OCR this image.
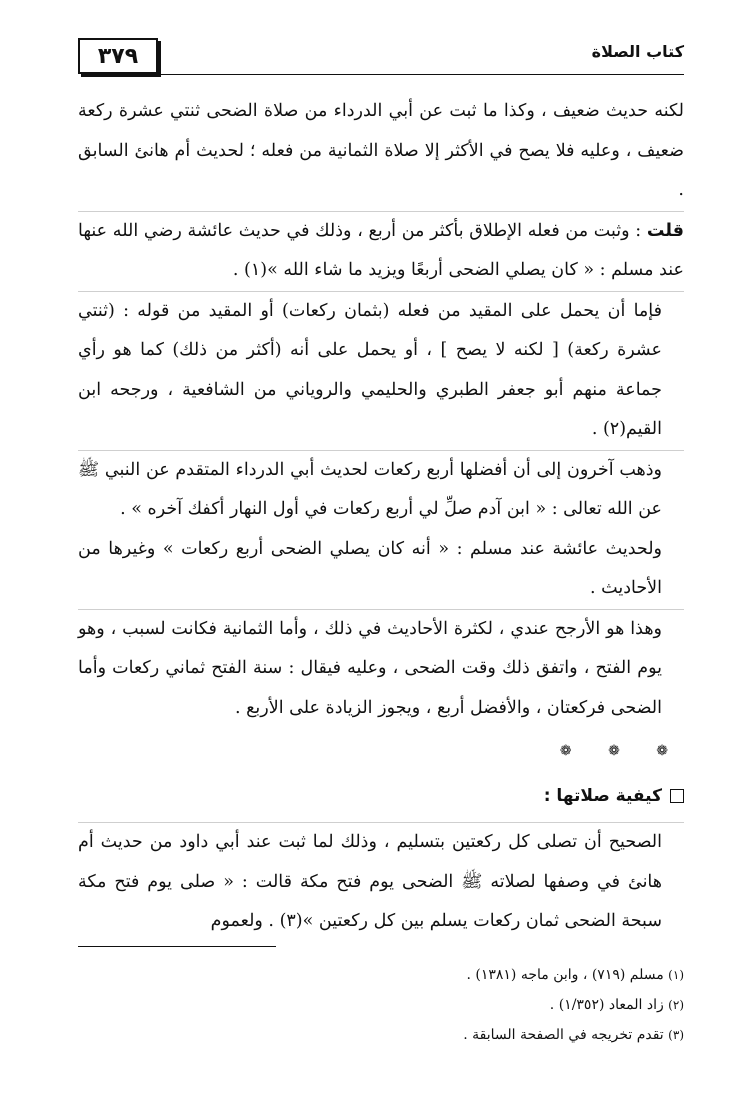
٣٧٩	كتاب الصلاة

لكنه حديث ضعيف ، وكذا ما ثبت عن أبي الدرداء من صلاة الضحى ثنتي عشرة ركعة ضعيف ، وعليه فلا يصح في الأكثر إلا صلاة الثمانية من فعله ؛ لحديث أم هانئ السابق .

قلت : وثبت من فعله الإطلاق بأكثر من أربع ، وذلك في حديث عائشة رضي الله عنها عند مسلم : « كان يصلي الضحى أربعًا ويزيد ما شاء الله »(١) .

فإما أن يحمل على المقيد من فعله (بثمان ركعات) أو المقيد من قوله : (ثنتي عشرة ركعة) [ لكنه لا يصح ] ، أو يحمل على أنه (أكثر من ذلك) كما هو رأي جماعة منهم أبو جعفر الطبري والحليمي والروياني من الشافعية ، ورجحه ابن القيم(٢) .

وذهب آخرون إلى أن أفضلها أربع ركعات لحديث أبي الدرداء المتقدم عن النبي ﷺ عن الله تعالى : « ابن آدم صلِّ لي أربع ركعات في أول النهار أكفك آخره » .

ولحديث عائشة عند مسلم : « أنه كان يصلي الضحى أربع ركعات » وغيرها من الأحاديث .

وهذا هو الأرجح عندي ، لكثرة الأحاديث في ذلك ، وأما الثمانية فكانت لسبب ، وهو يوم الفتح ، واتفق ذلك وقت الضحى ، وعليه فيقال : سنة الفتح ثماني ركعات وأما الضحى فركعتان ، والأفضل أربع ، ويجوز الزيادة على الأربع .

❁ ❁ ❁
كيفية صلاتها :

الصحيح أن تصلى كل ركعتين بتسليم ، وذلك لما ثبت عند أبي داود من حديث أم هانئ في وصفها لصلاته ﷺ الضحى يوم فتح مكة قالت : « صلى يوم فتح مكة سبحة الضحى ثمان ركعات يسلم بين كل ركعتين »(٣) . ولعموم

(١) مسلم (٧١٩) ، وابن ماجه (١٣٨١) .

(٢) زاد المعاد (١/٣٥٢) .

(٣) تقدم تخريجه في الصفحة السابقة .
